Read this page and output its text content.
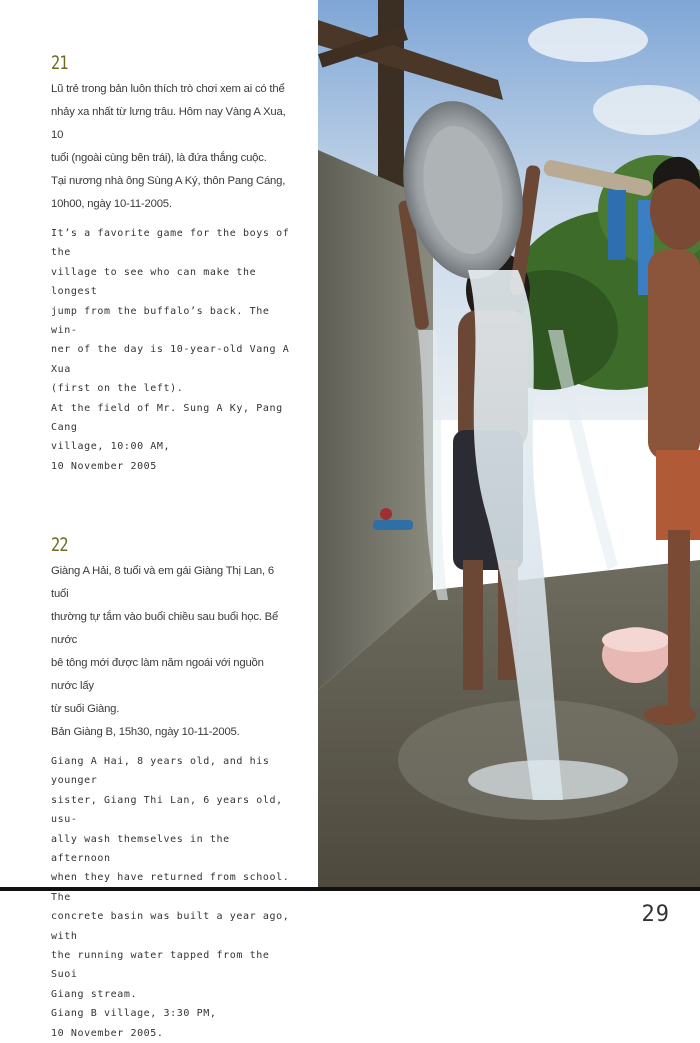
21

Lũ trẻ trong bản luôn thích trò chơi xem ai có thể
nhảy xa nhất từ lưng trâu. Hôm nay Vàng A Xua, 10
tuổi (ngoài cùng bên trái), là đứa thắng cuộc.
Tại nương nhà ông Sùng A Ký, thôn Pang Cáng,
10h00, ngày 10-11-2005.

It’s a favorite game for the boys of the
village to see who can make the longest
jump from the buffalo’s back. The win-
ner of the day is 10-year-old Vang A Xua
(first on the left).
At the field of Mr. Sung A Ky, Pang Cang
village, 10:00 AM,
10 November 2005

22

Giàng A Hải, 8 tuổi và em gái Giàng Thị Lan, 6 tuổi
thường tự tắm vào buổi chiều sau buổi học. Bể nước
bê tông mới được làm năm ngoái với nguồn nước lấy
từ suối Giàng.
Bản Giàng B, 15h30, ngày 10-11-2005.

Giang A Hai, 8 years old, and his younger
sister, Giang Thi Lan, 6 years old, usu-
ally wash themselves in the afternoon
when they have returned from school. The
concrete basin was built a year ago, with
the running water tapped from the Suoi
Giang stream.
Giang B village, 3:30 PM,
10 November 2005.

29
